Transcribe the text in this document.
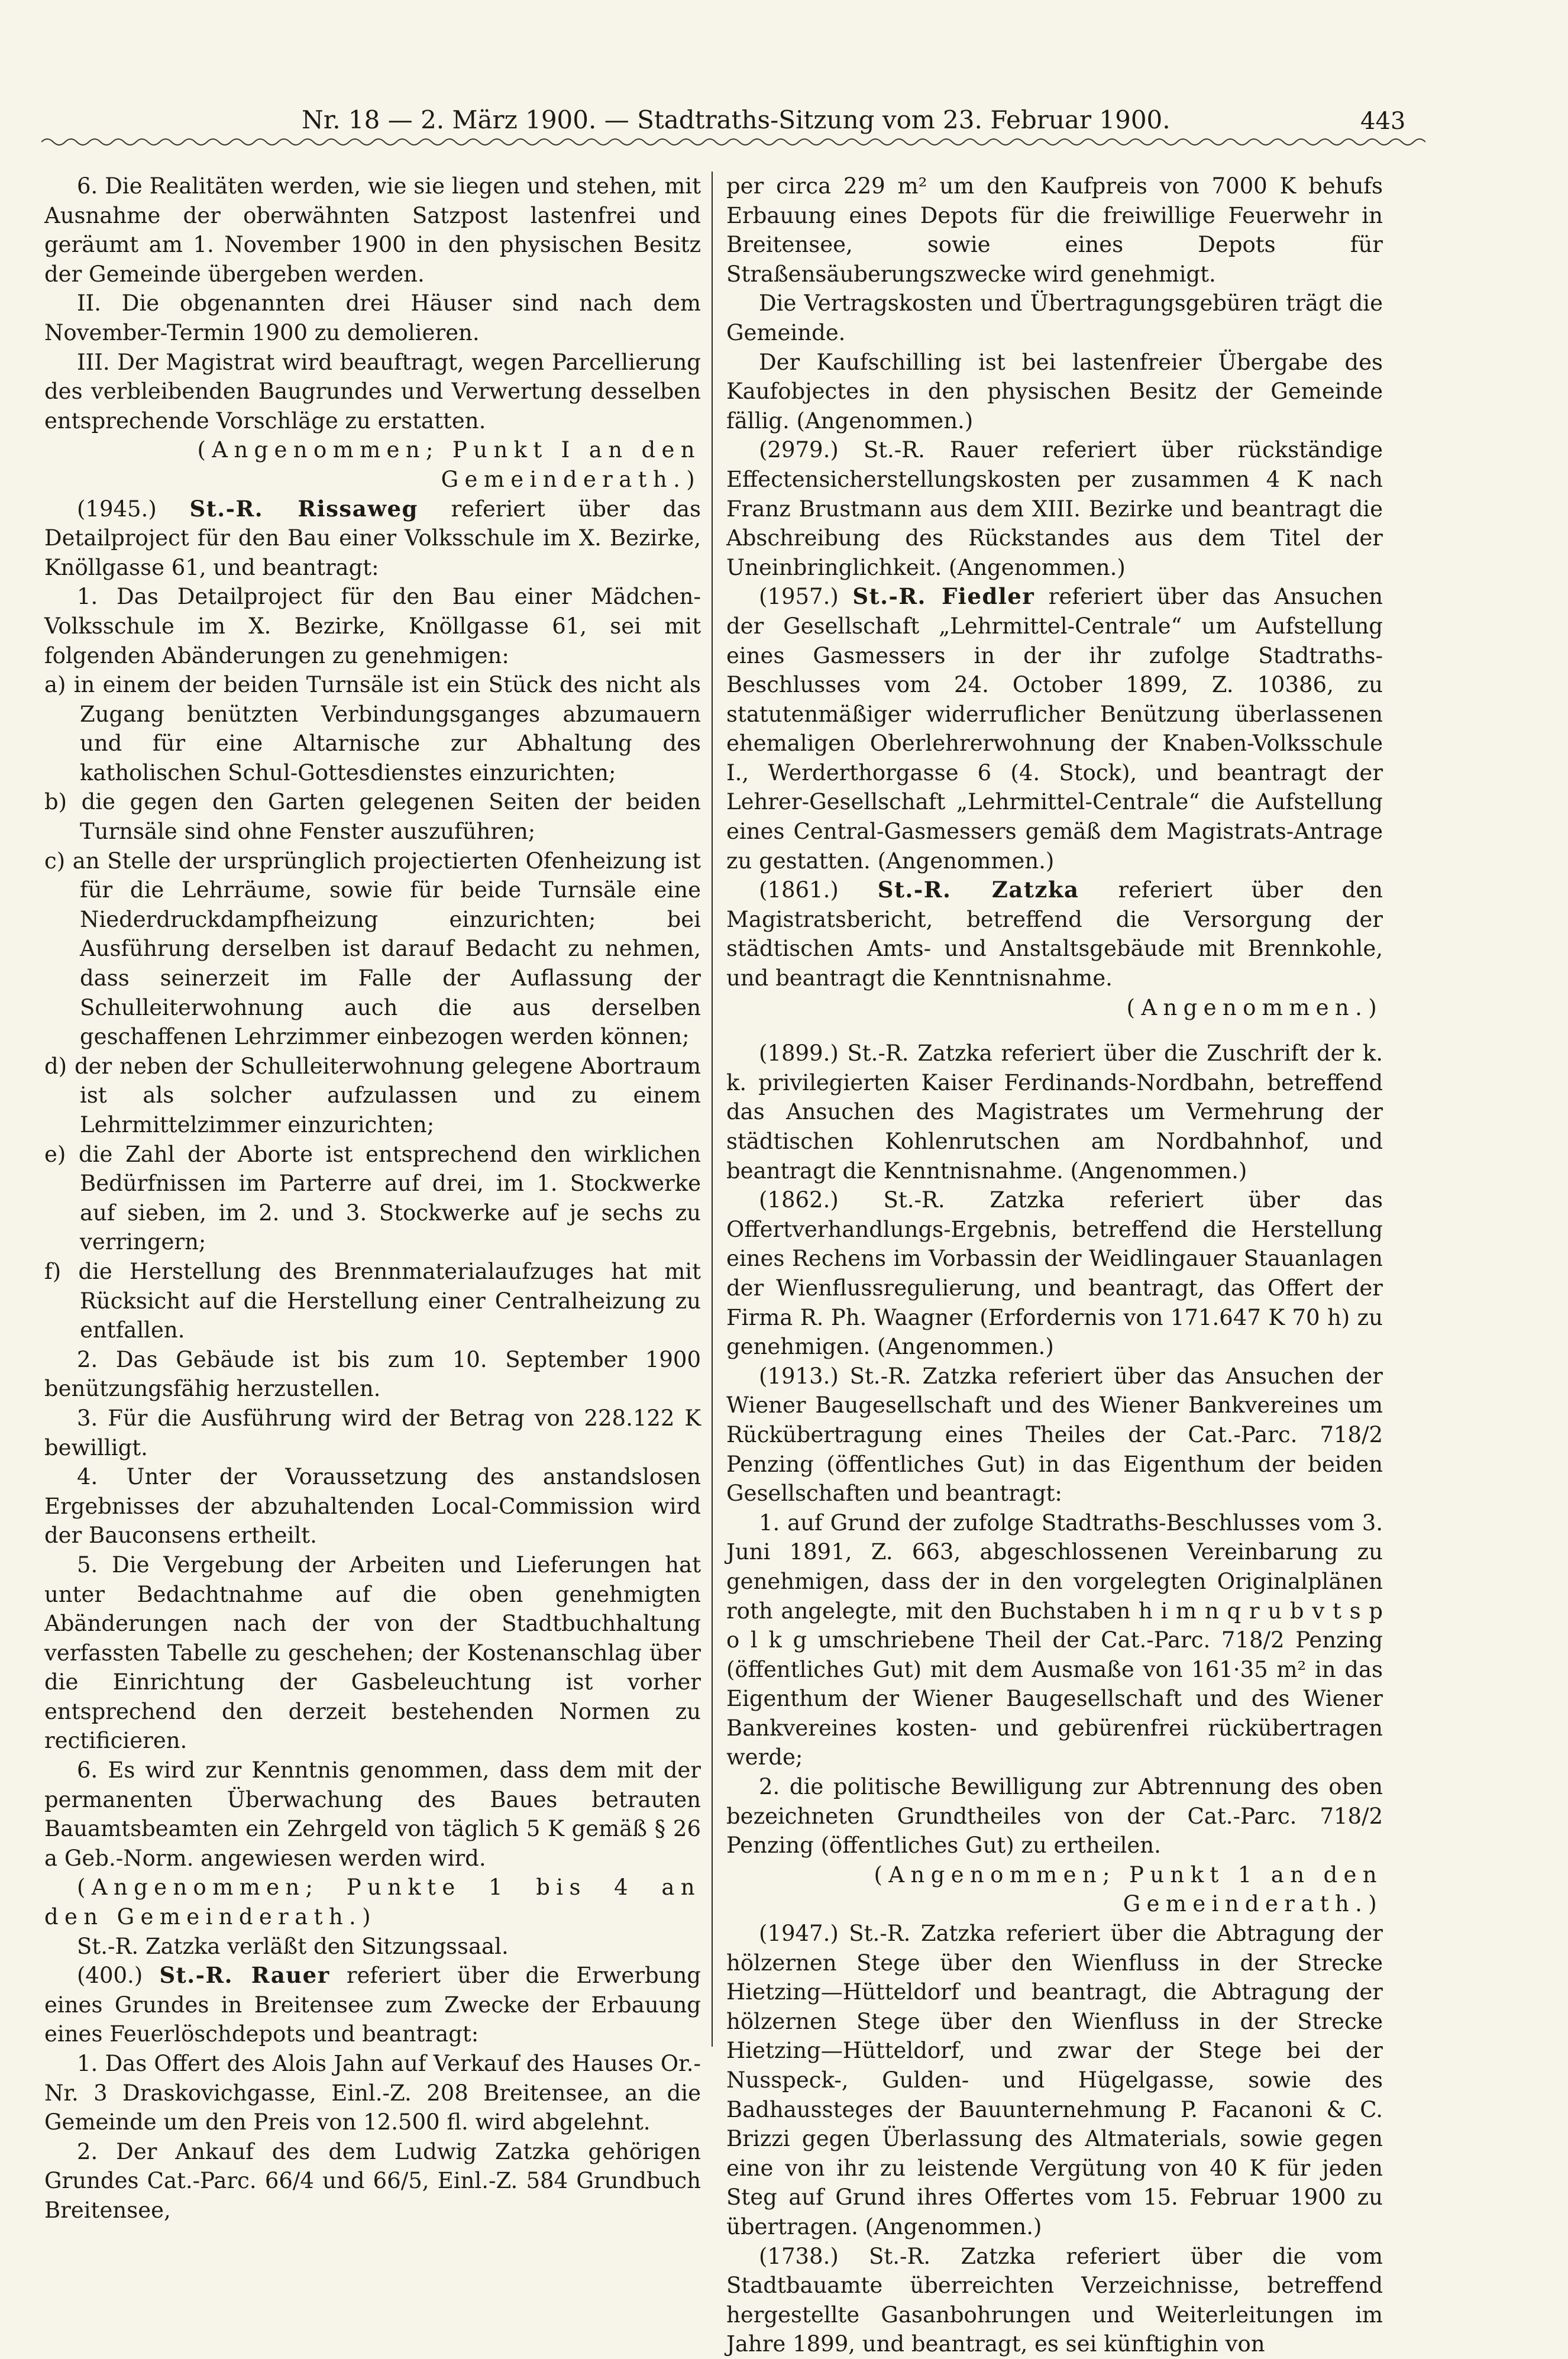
Nr. 18 — 2. März 1900. — Stadtraths-Sitzung vom 23. Februar 1900.	443

6. Die Realitäten werden, wie sie liegen und stehen, mit Ausnahme der oberwähnten Satzpost lastenfrei und geräumt am 1. November 1900 in den physischen Besitz der Gemeinde übergeben werden.

II. Die obgenannten drei Häuser sind nach dem November-Termin 1900 zu demolieren.

III. Der Magistrat wird beauftragt, wegen Parcellierung des verbleibenden Baugrundes und Verwertung desselben entsprechende Vorschläge zu erstatten.

(Angenommen; Punkt I an den Gemeinderath.)

(1945.) St.-R. Rissaweg referiert über das Detailproject für den Bau einer Volksschule im X. Bezirke, Knöllgasse 61, und beantragt:

1. Das Detailproject für den Bau einer Mädchen-Volksschule im X. Bezirke, Knöllgasse 61, sei mit folgenden Abänderungen zu genehmigen:

a) in einem der beiden Turnsäle ist ein Stück des nicht als Zugang benützten Verbindungsganges abzumauern und für eine Altarnische zur Abhaltung des katholischen Schul-Gottesdienstes einzurichten;

b) die gegen den Garten gelegenen Seiten der beiden Turnsäle sind ohne Fenster auszuführen;

c) an Stelle der ursprünglich projectierten Ofenheizung ist für die Lehrräume, sowie für beide Turnsäle eine Niederdruckdampfheizung einzurichten; bei Ausführung derselben ist darauf Bedacht zu nehmen, dass seinerzeit im Falle der Auflassung der Schulleiterwohnung auch die aus derselben geschaffenen Lehrzimmer einbezogen werden können;

d) der neben der Schulleiterwohnung gelegene Abortraum ist als solcher aufzulassen und zu einem Lehrmittelzimmer einzurichten;

e) die Zahl der Aborte ist entsprechend den wirklichen Bedürfnissen im Parterre auf drei, im 1. Stockwerke auf sieben, im 2. und 3. Stockwerke auf je sechs zu verringern;

f) die Herstellung des Brennmaterialaufzuges hat mit Rücksicht auf die Herstellung einer Centralheizung zu entfallen.

2. Das Gebäude ist bis zum 10. September 1900 benützungsfähig herzustellen.

3. Für die Ausführung wird der Betrag von 228.122 K bewilligt.

4. Unter der Voraussetzung des anstandslosen Ergebnisses der abzuhaltenden Local-Commission wird der Bauconsens ertheilt.

5. Die Vergebung der Arbeiten und Lieferungen hat unter Bedachtnahme auf die oben genehmigten Abänderungen nach der von der Stadtbuchhaltung verfassten Tabelle zu geschehen; der Kostenanschlag über die Einrichtung der Gasbeleuchtung ist vorher entsprechend den derzeit bestehenden Normen zu rectificieren.

6. Es wird zur Kenntnis genommen, dass dem mit der permanenten Überwachung des Baues betrauten Bauamtsbeamten ein Zehrgeld von täglich 5 K gemäß § 26 a Geb.-Norm. angewiesen werden wird.

(Angenommen; Punkte 1 bis 4 an den Gemeinderath.)

St.-R. Zatzka verläßt den Sitzungssaal.

(400.) St.-R. Rauer referiert über die Erwerbung eines Grundes in Breitensee zum Zwecke der Erbauung eines Feuerlöschdepots und beantragt:

1. Das Offert des Alois Jahn auf Verkauf des Hauses Or.-Nr. 3 Draskovichgasse, Einl.-Z. 208 Breitensee, an die Gemeinde um den Preis von 12.500 fl. wird abgelehnt.

2. Der Ankauf des dem Ludwig Zatzka gehörigen Grundes Cat.-Parc. 66/4 und 66/5, Einl.-Z. 584 Grundbuch Breitensee,

per circa 229 m² um den Kaufpreis von 7000 K behufs Erbauung eines Depots für die freiwillige Feuerwehr in Breitensee, sowie eines Depots für Straßensäuberungszwecke wird genehmigt.

Die Vertragskosten und Übertragungsgebüren trägt die Gemeinde.

Der Kaufschilling ist bei lastenfreier Übergabe des Kaufobjectes in den physischen Besitz der Gemeinde fällig. (Angenommen.)

(2979.) St.-R. Rauer referiert über rückständige Effectensicherstellungskosten per zusammen 4 K nach Franz Brustmann aus dem XIII. Bezirke und beantragt die Abschreibung des Rückstandes aus dem Titel der Uneinbringlichkeit. (Angenommen.)

(1957.) St.-R. Fiedler referiert über das Ansuchen der Gesellschaft „Lehrmittel-Centrale“ um Aufstellung eines Gasmessers in der ihr zufolge Stadtraths-Beschlusses vom 24. October 1899, Z. 10386, zu statutenmäßiger widerruflicher Benützung überlassenen ehemaligen Oberlehrerwohnung der Knaben-Volksschule I., Werderthorgasse 6 (4. Stock), und beantragt der Lehrer-Gesellschaft „Lehrmittel-Centrale“ die Aufstellung eines Central-Gasmessers gemäß dem Magistrats-Antrage zu gestatten. (Angenommen.)

(1861.) St.-R. Zatzka referiert über den Magistratsbericht, betreffend die Versorgung der städtischen Amts- und Anstaltsgebäude mit Brennkohle, und beantragt die Kenntnisnahme.

(Angenommen.)

(1899.) St.-R. Zatzka referiert über die Zuschrift der k. k. privilegierten Kaiser Ferdinands-Nordbahn, betreffend das Ansuchen des Magistrates um Vermehrung der städtischen Kohlenrutschen am Nordbahnhof, und beantragt die Kenntnisnahme. (Angenommen.)

(1862.) St.-R. Zatzka referiert über das Offertverhandlungs-Ergebnis, betreffend die Herstellung eines Rechens im Vorbassin der Weidlingauer Stauanlagen der Wienflussregulierung, und beantragt, das Offert der Firma R. Ph. Waagner (Erfordernis von 171.647 K 70 h) zu genehmigen. (Angenommen.)

(1913.) St.-R. Zatzka referiert über das Ansuchen der Wiener Baugesellschaft und des Wiener Bankvereines um Rückübertragung eines Theiles der Cat.-Parc. 718/2 Penzing (öffentliches Gut) in das Eigenthum der beiden Gesellschaften und beantragt:

1. auf Grund der zufolge Stadtraths-Beschlusses vom 3. Juni 1891, Z. 663, abgeschlossenen Vereinbarung zu genehmigen, dass der in den vorgelegten Originalplänen roth angelegte, mit den Buchstaben h i m n q r u b v t s p o l k g umschriebene Theil der Cat.-Parc. 718/2 Penzing (öffentliches Gut) mit dem Ausmaße von 161·35 m² in das Eigenthum der Wiener Baugesellschaft und des Wiener Bankvereines kosten- und gebürenfrei rückübertragen werde;

2. die politische Bewilligung zur Abtrennung des oben bezeichneten Grundtheiles von der Cat.-Parc. 718/2 Penzing (öffentliches Gut) zu ertheilen.

(Angenommen; Punkt 1 an den Gemeinderath.)

(1947.) St.-R. Zatzka referiert über die Abtragung der hölzernen Stege über den Wienfluss in der Strecke Hietzing—Hütteldorf und beantragt, die Abtragung der hölzernen Stege über den Wienfluss in der Strecke Hietzing—Hütteldorf, und zwar der Stege bei der Nusspeck-, Gulden- und Hügelgasse, sowie des Badhaussteges der Bauunternehmung P. Facanoni & C. Brizzi gegen Überlassung des Altmaterials, sowie gegen eine von ihr zu leistende Vergütung von 40 K für jeden Steg auf Grund ihres Offertes vom 15. Februar 1900 zu übertragen. (Angenommen.)

(1738.) St.-R. Zatzka referiert über die vom Stadtbauamte überreichten Verzeichnisse, betreffend hergestellte Gasanbohrungen und Weiterleitungen im Jahre 1899, und beantragt, es sei künftighin von
